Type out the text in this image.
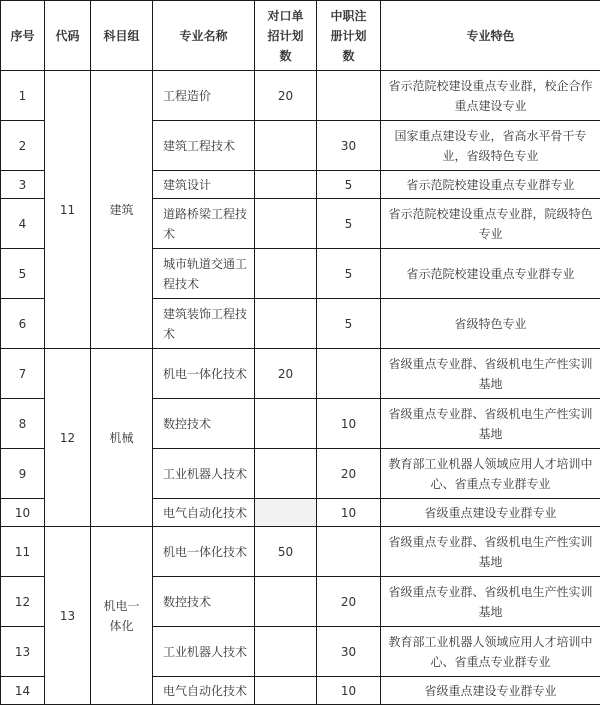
序号	代码	科目组	专业名称	对口单招计划数	中职注册计划数	专业特色
1	11	建筑	工程造价	20		省示范院校建设重点专业群，校企合作重点建设专业
2			建筑工程技术		30	国家重点建设专业，省高水平骨干专业，省级特色专业
3			建筑设计		5	省示范院校建设重点专业群专业
4			道路桥梁工程技术		5	省示范院校建设重点专业群，院级特色专业
5			城市轨道交通工程技术		5	省示范院校建设重点专业群专业
6			建筑装饰工程技术		5	省级特色专业
7	12	机械	机电一体化技术	20		省级重点专业群、省级机电生产性实训基地
8			数控技术		10	省级重点专业群、省级机电生产性实训基地
9			工业机器人技术		20	教育部工业机器人领域应用人才培训中心、省重点专业群专业
10			电气自动化技术		10	省级重点建设专业群专业
11	13	机电一体化	机电一体化技术	50		省级重点专业群、省级机电生产性实训基地
12			数控技术		20	省级重点专业群、省级机电生产性实训基地
13			工业机器人技术		30	教育部工业机器人领域应用人才培训中心、省重点专业群专业
14			电气自动化技术		10	省级重点建设专业群专业
